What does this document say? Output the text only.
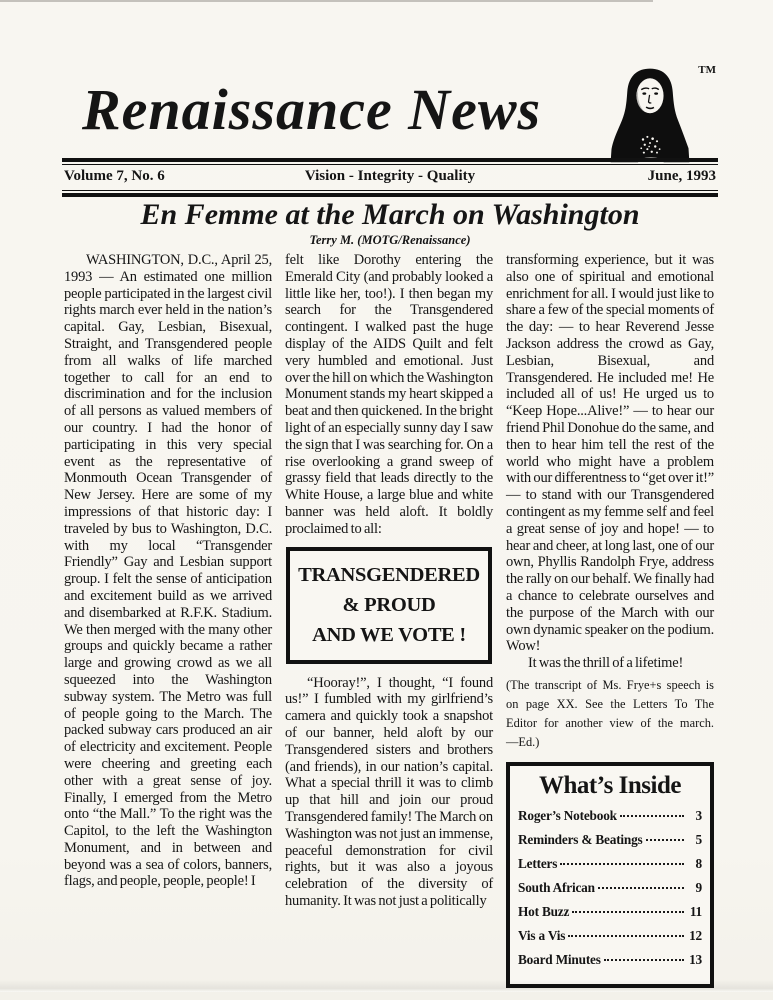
Renaissance News
TM
Volume 7, No. 6	Vision - Integrity - Quality	June, 1993
En Femme at the March on Washington
Terry M. (MOTG/Renaissance)

WASHINGTON, D.C., April 25, 1993 — An estimated one million people participated in the largest civil rights march ever held in the nation’s capital. Gay, Lesbian, Bisexual, Straight, and Transgendered people from all walks of life marched together to call for an end to discrimination and for the inclusion of all persons as valued members of our country. I had the honor of participating in this very special event as the representative of Monmouth Ocean Transgender of New Jersey. Here are some of my impressions of that historic day: I traveled by bus to Washington, D.C. with my local “Transgender Friendly” Gay and Lesbian support group. I felt the sense of anticipation and excitement build as we arrived and disembarked at R.F.K. Stadium. We then merged with the many other groups and quickly became a rather large and growing crowd as we all squeezed into the Washington subway system. The Metro was full of people going to the March. The packed subway cars produced an air of electricity and excitement. People were cheering and greeting each other with a great sense of joy. Finally, I emerged from the Metro onto “the Mall.” To the right was the Capitol, to the left the Washington Monument, and in between and beyond was a sea of colors, banners, flags, and people, people, people! I

felt like Dorothy entering the Emerald City (and probably looked a little like her, too!). I then began my search for the Transgendered contingent. I walked past the huge display of the AIDS Quilt and felt very humbled and emotional. Just over the hill on which the Washington Monument stands my heart skipped a beat and then quickened. In the bright light of an especially sunny day I saw the sign that I was searching for. On a rise overlooking a grand sweep of grassy field that leads directly to the White House, a large blue and white banner was held aloft. It boldly proclaimed to all:

TRANSGENDERED
& PROUD
AND WE VOTE !

“Hooray!”, I thought, “I found us!” I fumbled with my girlfriend’s camera and quickly took a snapshot of our banner, held aloft by our Transgendered sisters and brothers (and friends), in our nation’s capital. What a special thrill it was to climb up that hill and join our proud Transgendered family! The March on Washington was not just an immense, peaceful demonstration for civil rights, but it was also a joyous celebration of the diversity of humanity. It was not just a politically

transforming experience, but it was also one of spiritual and emotional enrichment for all. I would just like to share a few of the special moments of the day: — to hear Reverend Jesse Jackson address the crowd as Gay, Lesbian, Bisexual, and Transgendered. He included me! He included all of us! He urged us to “Keep Hope...Alive!” — to hear our friend Phil Donohue do the same, and then to hear him tell the rest of the world who might have a problem with our differentness to “get over it!” — to stand with our Transgendered contingent as my femme self and feel a great sense of joy and hope! — to hear and cheer, at long last, one of our own, Phyllis Randolph Frye, address the rally on our behalf. We finally had a chance to celebrate ourselves and the purpose of the March with our own dynamic speaker on the podium. Wow!

It was the thrill of a lifetime!

(The transcript of Ms. Frye+s speech is on page XX. See the Letters To The Editor for another view of the march. —Ed.)

What’s Inside
Roger’s Notebook	3
Reminders & Beatings	5
Letters	8
South African	9
Hot Buzz	11
Vis a Vis	12
Board Minutes	13
